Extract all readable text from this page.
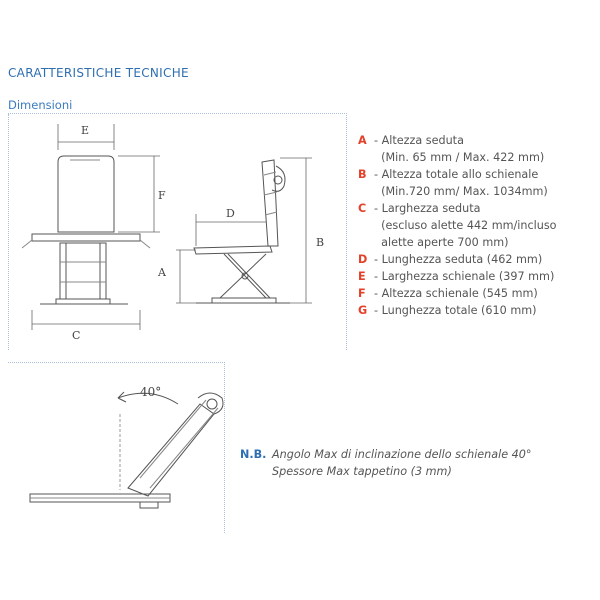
CARATTERISTICHE TECNICHE
Dimensioni
E
F
C
D
A
B
40°
A - Altezza seduta
(Min. 65 mm / Max. 422 mm)
B - Altezza totale allo schienale
(Min.720 mm/ Max. 1034mm)
C - Larghezza seduta
(escluso alette 442 mm/incluso
alette aperte 700 mm)
D - Lunghezza seduta (462 mm)
E - Larghezza schienale (397 mm)
F - Altezza schienale (545 mm)
G - Lunghezza totale (610 mm)
N.B. Angolo Max di inclinazione dello schienale 40°
Spessore Max tappetino (3 mm)
